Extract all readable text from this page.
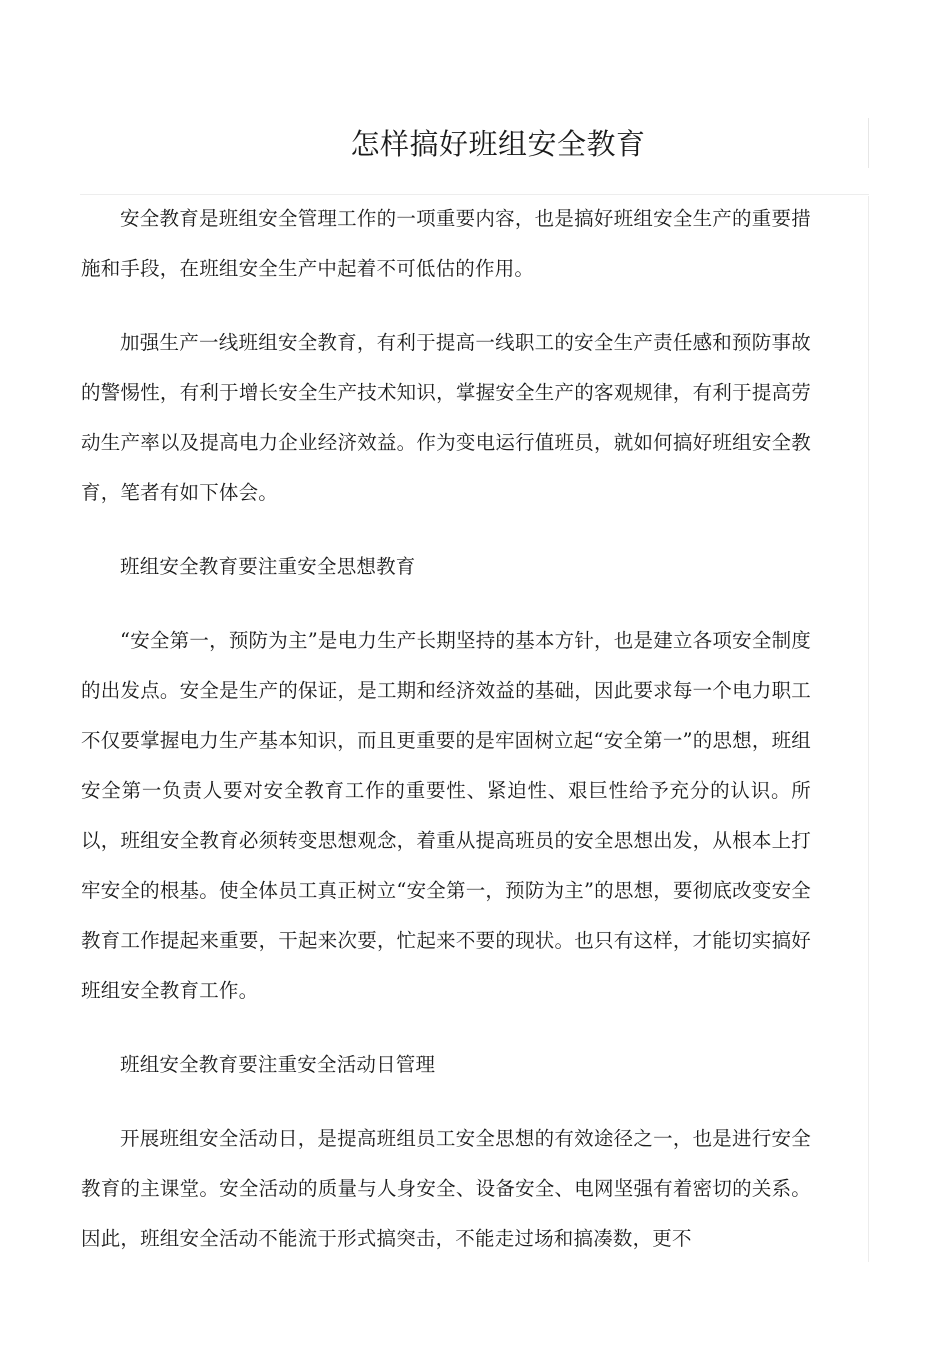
怎样搞好班组安全教育

安全教育是班组安全管理工作的一项重要内容，也是搞好班组安全生产的重要措施和手段，在班组安全生产中起着不可低估的作用。

加强生产一线班组安全教育，有利于提高一线职工的安全生产责任感和预防事故的警惕性，有利于增长安全生产技术知识，掌握安全生产的客观规律，有利于提高劳动生产率以及提高电力企业经济效益。作为变电运行值班员，就如何搞好班组安全教育，笔者有如下体会。

班组安全教育要注重安全思想教育

“安全第一，预防为主”是电力生产长期坚持的基本方针，也是建立各项安全制度的出发点。安全是生产的保证，是工期和经济效益的基础，因此要求每一个电力职工不仅要掌握电力生产基本知识，而且更重要的是牢固树立起“安全第一”的思想，班组安全第一负责人要对安全教育工作的重要性、紧迫性、艰巨性给予充分的认识。所以，班组安全教育必须转变思想观念，着重从提高班员的安全思想出发，从根本上打牢安全的根基。使全体员工真正树立“安全第一，预防为主”的思想，要彻底改变安全教育工作提起来重要，干起来次要，忙起来不要的现状。也只有这样，才能切实搞好班组安全教育工作。

班组安全教育要注重安全活动日管理

开展班组安全活动日，是提高班组员工安全思想的有效途径之一，也是进行安全教育的主课堂。安全活动的质量与人身安全、设备安全、电网坚强有着密切的关系。因此，班组安全活动不能流于形式搞突击，不能走过场和搞凑数，更不
